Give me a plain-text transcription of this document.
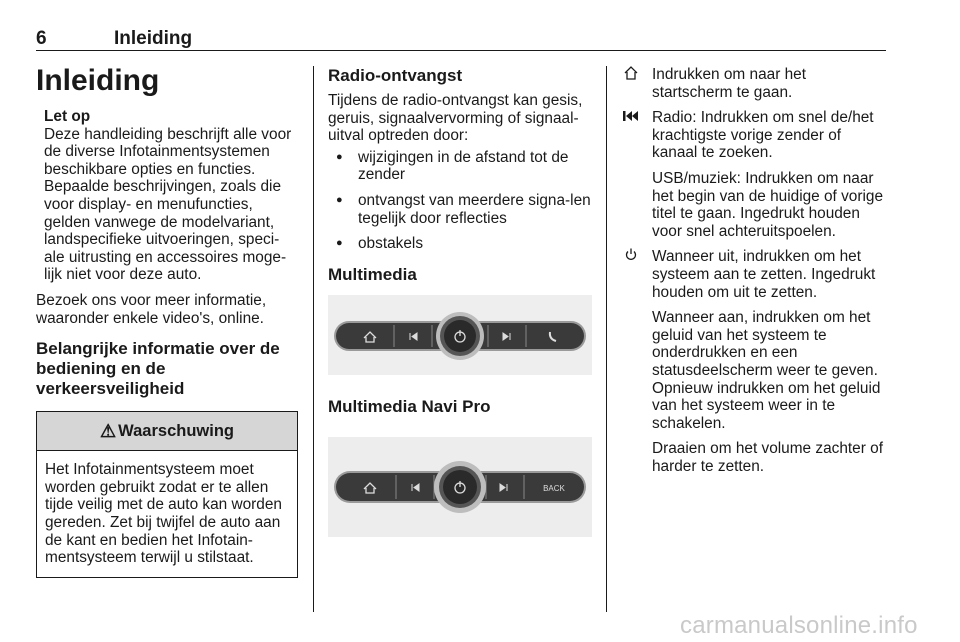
6	Inleiding
Inleiding
Let op
Deze handleiding beschrijft alle voor de diverse Infotainmentsystemen beschikbare opties en functies. Bepaalde beschrijvingen, zoals die voor display- en menufuncties, gelden vanwege de modelvariant, landspecifieke uitvoeringen, speci-ale uitrusting en accessoires moge-lijk niet voor deze auto.

Bezoek ons voor meer informatie, waaronder enkele video's, online.

Belangrijke informatie over de bediening en de verkeersveiligheid
⚠ Waarschuwing
Het Infotainmentsysteem moet worden gebruikt zodat er te allen tijde veilig met de auto kan worden gereden. Zet bij twijfel de auto aan de kant en bedien het Infotain-mentsysteem terwijl u stilstaat.
Radio-ontvangst

Tijdens de radio-ontvangst kan gesis, geruis, signaalvervorming of signaal-uitval optreden door:

● wijzigingen in de afstand tot de zender
● ontvangst van meerdere signa-len tegelijk door reflecties
● obstakels
Multimedia
Multimedia Navi Pro
BACK
Indrukken om naar het startscherm te gaan.
Radio: Indrukken om snel de/het krachtigste vorige zender of kanaal te zoeken.
USB/muziek: Indrukken om naar het begin van de huidige of vorige titel te gaan. Ingedrukt houden voor snel achteruitspoelen.
Wanneer uit, indrukken om het systeem aan te zetten. Ingedrukt houden om uit te zetten.
Wanneer aan, indrukken om het geluid van het systeem te onderdrukken en een statusdeelscherm weer te geven. Opnieuw indrukken om het geluid van het systeem weer in te schakelen.
Draaien om het volume zachter of harder te zetten.
carmanualsonline.info
